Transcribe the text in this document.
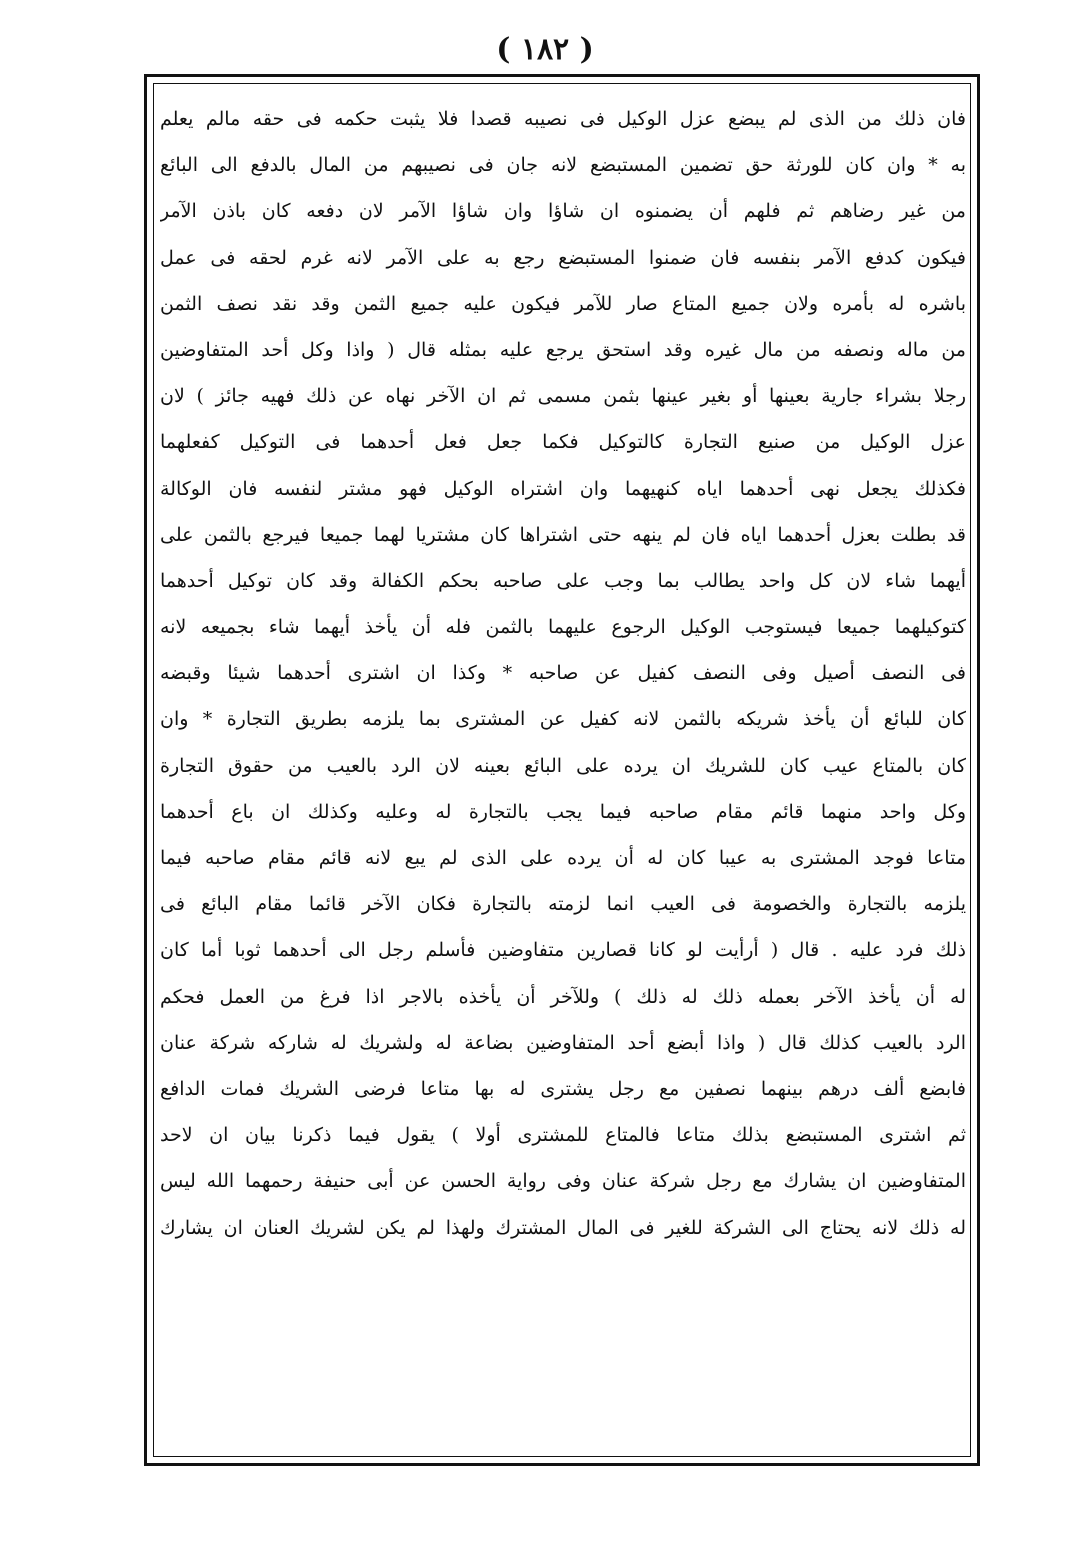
( ١٨٢ )
فان ذلك من الذى لم يبضع عزل الوكيل فى نصيبه قصدا فلا يثبت حكمه فى حقه مالم يعلم
به * وان كان للورثة حق تضمين المستبضع لانه جان فى نصيبهم من المال بالدفع الى البائع
من غير رضاهم ثم فلهم أن يضمنوه ان شاؤا وان شاؤا الآمر لان دفعه كان باذن الآمر
فيكون كدفع الآمر بنفسه فان ضمنوا المستبضع رجع به على الآمر لانه غرم لحقه فى عمل
باشره له بأمره ولان جميع المتاع صار للآمر فيكون عليه جميع الثمن وقد نقد نصف الثمن
من ماله ونصفه من مال غيره وقد استحق يرجع عليه بمثله قال ( واذا وكل أحد المتفاوضين
رجلا بشراء جارية بعينها أو بغير عينها بثمن مسمى ثم ان الآخر نهاه عن ذلك فهيه جائز ) لان
عزل الوكيل من صنيع التجارة كالتوكيل فكما جعل فعل أحدهما فى التوكيل كفعلهما
فكذلك يجعل نهى أحدهما اياه كنهيهما وان اشتراه الوكيل فهو مشتر لنفسه فان الوكالة
قد بطلت بعزل أحدهما اياه فان لم ينهه حتى اشتراها كان مشتريا لهما جميعا فيرجع بالثمن على
أيهما شاء لان كل واحد يطالب بما وجب على صاحبه بحكم الكفالة وقد كان توكيل أحدهما
كتوكيلهما جميعا فيستوجب الوكيل الرجوع عليهما بالثمن فله أن يأخذ أيهما شاء بجميعه لانه
فى النصف أصيل وفى النصف كفيل عن صاحبه * وكذا ان اشترى أحدهما شيئا وقبضه
كان للبائع أن يأخذ شريكه بالثمن لانه كفيل عن المشترى بما يلزمه بطريق التجارة * وان
كان بالمتاع عيب كان للشريك ان يرده على البائع بعينه لان الرد بالعيب من حقوق التجارة
وكل واحد منهما قائم مقام صاحبه فيما يجب بالتجارة له وعليه وكذلك ان باع أحدهما
متاعا فوجد المشترى به عيبا كان له أن يرده على الذى لم يبع لانه قائم مقام صاحبه فيما
يلزمه بالتجارة والخصومة فى العيب انما لزمته بالتجارة فكان الآخر قائما مقام البائع فى
ذلك فرد عليه . قال ( أرأيت لو كانا قصارين متفاوضين فأسلم رجل الى أحدهما ثوبا أما كان
له أن يأخذ الآخر بعمله ذلك له ذلك ) وللآخر أن يأخذه بالاجر اذا فرغ من العمل فحكم
الرد بالعيب كذلك قال ( واذا أبضع أحد المتفاوضين بضاعة له ولشريك له شاركه شركة عنان
فابضع ألف درهم بينهما نصفين مع رجل يشترى له بها متاعا فرضى الشريك فمات الدافع
ثم اشترى المستبضع بذلك متاعا فالمتاع للمشترى أولا ) يقول فيما ذكرنا بيان ان لاحد
المتفاوضين ان يشارك مع رجل شركة عنان وفى رواية الحسن عن أبى حنيفة رحمهما الله ليس
له ذلك لانه يحتاج الى الشركة للغير فى المال المشترك ولهذا لم يكن لشريك العنان ان يشارك
